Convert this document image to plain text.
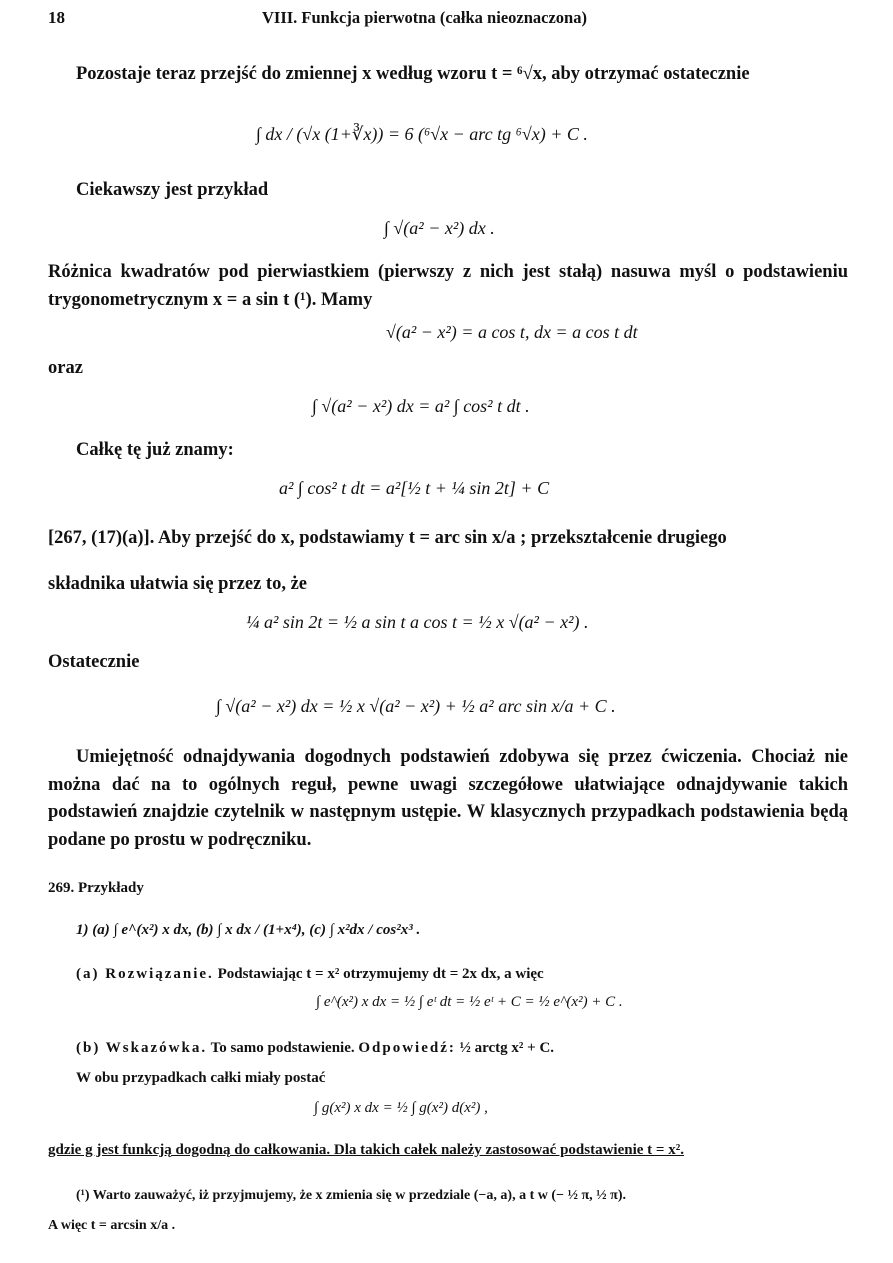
18	VIII. Funkcja pierwotna (całka nieoznaczona)
Pozostaje teraz przejść do zmiennej x według wzoru t = ⁶√x, aby otrzymać ostatecznie
∫ dx / (√x (1+∛x)) = 6 (⁶√x − arc tg ⁶√x) + C .
Ciekawszy jest przykład
∫ √(a² − x²) dx .
Różnica kwadratów pod pierwiastkiem (pierwszy z nich jest stałą) nasuwa myśl o podstawieniu trygonometrycznym x = a sin t (¹). Mamy
√(a² − x²) = a cos t, dx = a cos t dt
oraz
∫ √(a² − x²) dx = a² ∫ cos² t dt .
Całkę tę już znamy:
a² ∫ cos² t dt = a²[½ t + ¼ sin 2t] + C
[267, (17)(a)]. Aby przejść do x, podstawiamy t = arc sin x/a ; przekształcenie drugiego
składnika ułatwia się przez to, że
¼ a² sin 2t = ½ a sin t a cos t = ½ x √(a² − x²) .
Ostatecznie
∫ √(a² − x²) dx = ½ x √(a² − x²) + ½ a² arc sin x/a + C .
Umiejętność odnajdywania dogodnych podstawień zdobywa się przez ćwiczenia. Chociaż nie można dać na to ogólnych reguł, pewne uwagi szczegółowe ułatwiające odnajdywanie takich podstawień znajdzie czytelnik w następnym ustępie. W klasycznych przypadkach podstawienia będą podane po prostu w podręczniku.
269. Przykłady
1) (a) ∫ e^(x²) x dx, (b) ∫ x dx / (1+x⁴), (c) ∫ x²dx / cos²x³ .
(a) Rozwiązanie. Podstawiając t = x² otrzymujemy dt = 2x dx, a więc
∫ e^(x²) x dx = ½ ∫ eᵗ dt = ½ eᵗ + C = ½ e^(x²) + C .
(b) Wskazówka. To samo podstawienie. Odpowiedź: ½ arctg x² + C.
W obu przypadkach całki miały postać
∫ g(x²) x dx = ½ ∫ g(x²) d(x²) ,
gdzie g jest funkcją dogodną do całkowania. Dla takich całek należy zastosować podstawienie t = x².
(¹) Warto zauważyć, iż przyjmujemy, że x zmienia się w przedziale (−a, a), a t w (− ½ π, ½ π).
A więc t = arcsin x/a .
